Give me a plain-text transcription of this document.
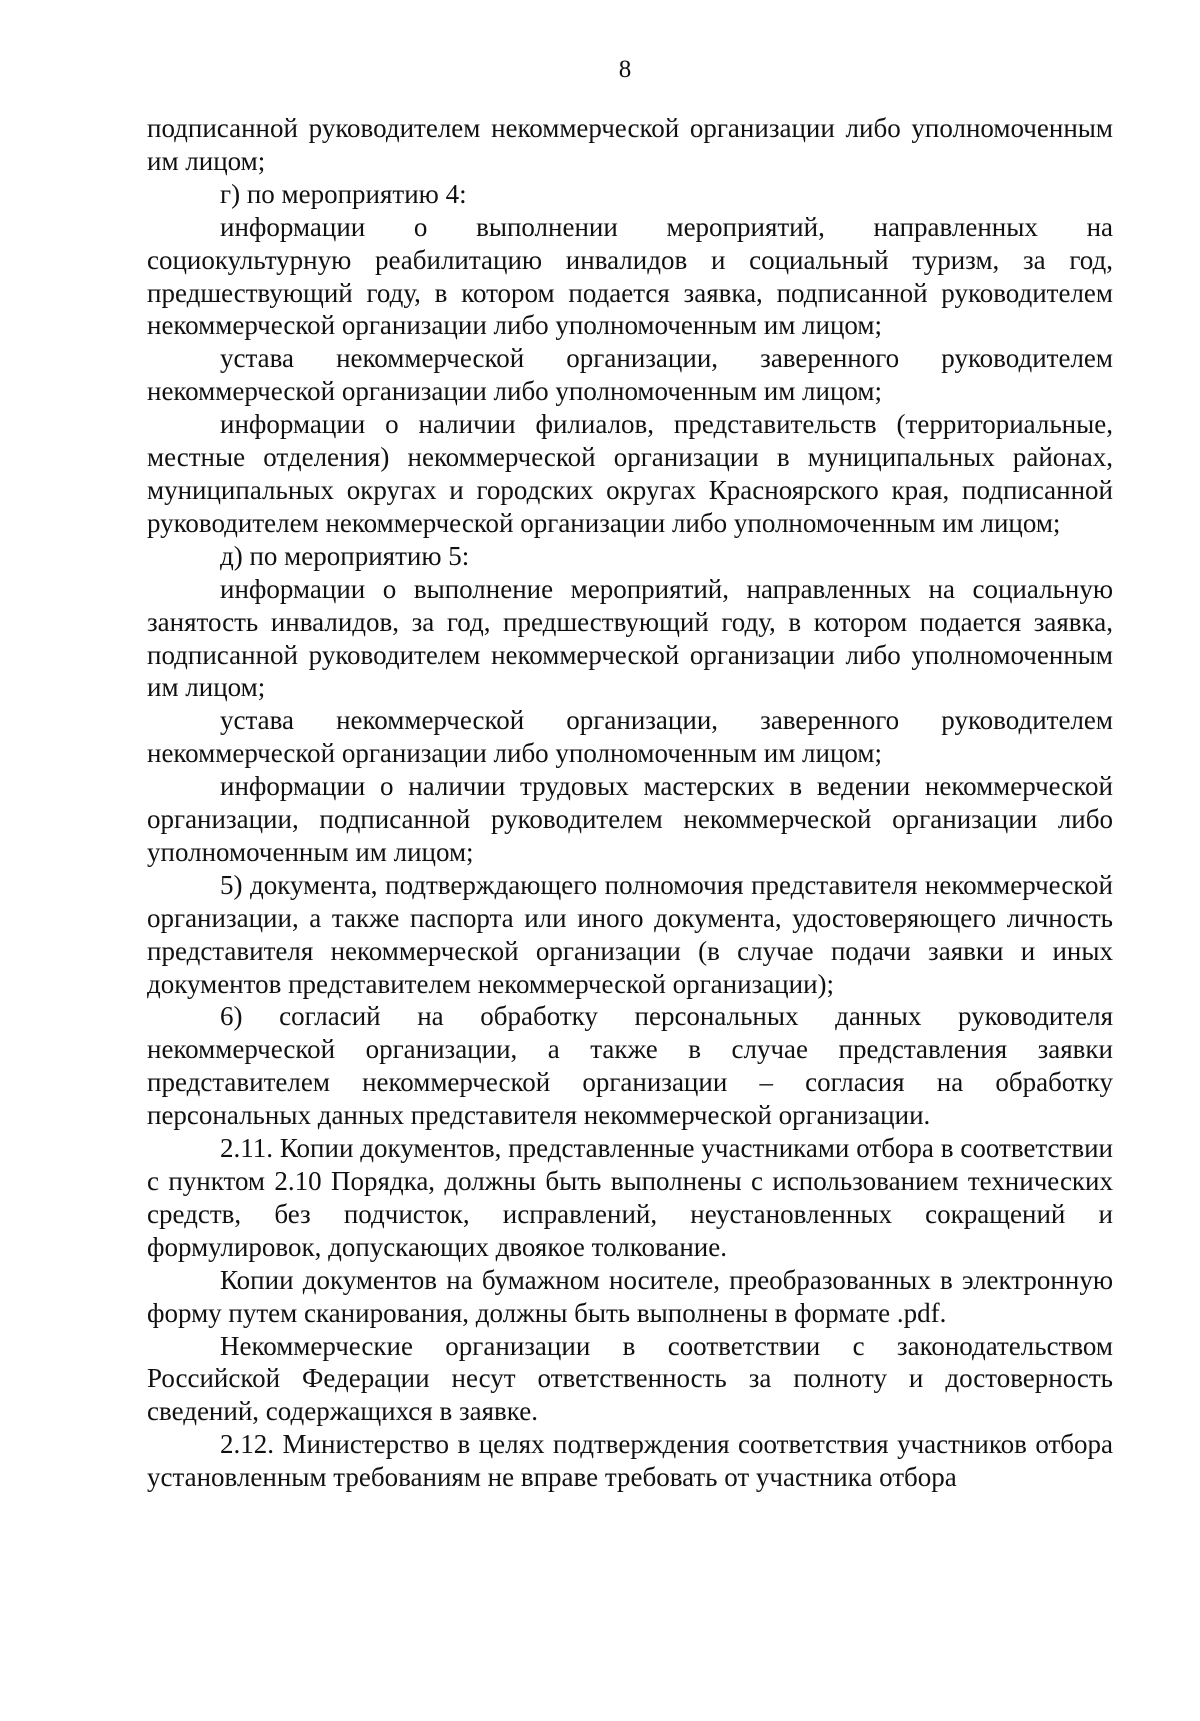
8

подписанной руководителем некоммерческой организации либо уполномоченным им лицом;

г) по мероприятию 4:

информации о выполнении мероприятий, направленных на социокультурную реабилитацию инвалидов и социальный туризм, за год, предшествующий году, в котором подается заявка, подписанной руководителем некоммерческой организации либо уполномоченным им лицом;

устава некоммерческой организации, заверенного руководителем некоммерческой организации либо уполномоченным им лицом;

информации о наличии филиалов, представительств (территориальные, местные отделения) некоммерческой организации в муниципальных районах, муниципальных округах и городских округах Красноярского края, подписанной руководителем некоммерческой организации либо уполномоченным им лицом;

д) по мероприятию 5:

информации о выполнение мероприятий, направленных на социальную занятость инвалидов, за год, предшествующий году, в котором подается заявка, подписанной руководителем некоммерческой организации либо уполномоченным им лицом;

устава некоммерческой организации, заверенного руководителем некоммерческой организации либо уполномоченным им лицом;

информации о наличии трудовых мастерских в ведении некоммерческой организации, подписанной руководителем некоммерческой организации либо уполномоченным им лицом;

5) документа, подтверждающего полномочия представителя некоммерческой организации, а также паспорта или иного документа, удостоверяющего личность представителя некоммерческой организации (в случае подачи заявки и иных документов представителем некоммерческой организации);

6) согласий на обработку персональных данных руководителя некоммерческой организации, а также в случае представления заявки представителем некоммерческой организации – согласия на обработку персональных данных представителя некоммерческой организации.

2.11. Копии документов, представленные участниками отбора в соответствии с пунктом 2.10 Порядка, должны быть выполнены с использованием технических средств, без подчисток, исправлений, неустановленных сокращений и формулировок, допускающих двоякое толкование.

Копии документов на бумажном носителе, преобразованных в электронную форму путем сканирования, должны быть выполнены в формате .pdf.

Некоммерческие организации в соответствии с законодательством Российской Федерации несут ответственность за полноту и достоверность сведений, содержащихся в заявке.

2.12. Министерство в целях подтверждения соответствия участников отбора установленным требованиям не вправе требовать от участника отбора
